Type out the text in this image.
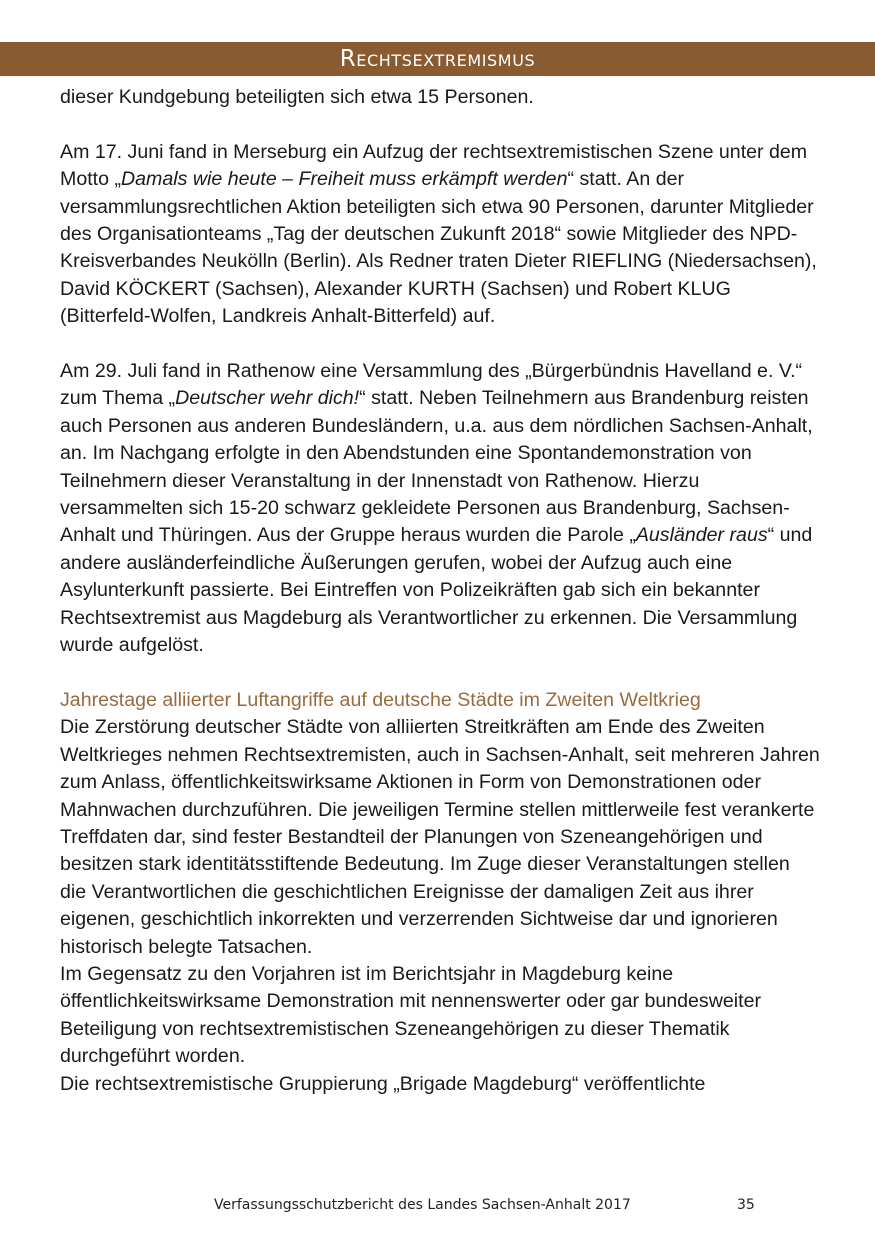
Rechtsextremismus

dieser Kundgebung beteiligten sich etwa 15 Personen.

Am 17. Juni fand in Merseburg ein Aufzug der rechtsextremistischen Szene unter dem Motto „Damals wie heute – Freiheit muss erkämpft werden“ statt. An der versammlungsrechtlichen Aktion beteiligten sich etwa 90 Personen, darunter Mitglieder des Organisationteams „Tag der deutschen Zukunft 2018“ sowie Mitglieder des NPD-Kreisverbandes Neukölln (Berlin). Als Redner traten Dieter RIEFLING (Niedersachsen), David KÖCKERT (Sachsen), Alexander KURTH (Sachsen) und Robert KLUG (Bitterfeld-Wolfen, Landkreis Anhalt-Bitterfeld) auf.

Am 29. Juli fand in Rathenow eine Versammlung des „Bürgerbündnis Havelland e. V.“ zum Thema „Deutscher wehr dich!“ statt. Neben Teilnehmern aus Brandenburg reisten auch Personen aus anderen Bundesländern, u.a. aus dem nördlichen Sachsen-Anhalt, an. Im Nachgang erfolgte in den Abendstunden eine Spontandemonstration von Teilnehmern dieser Veranstaltung in der Innenstadt von Rathenow. Hierzu versammelten sich 15-20 schwarz gekleidete Personen aus Brandenburg, Sachsen-Anhalt und Thüringen. Aus der Gruppe heraus wurden die Parole „Ausländer raus“ und andere ausländerfeindliche Äußerungen gerufen, wobei der Aufzug auch eine Asylunterkunft passierte. Bei Eintreffen von Polizeikräften gab sich ein bekannter Rechtsextremist aus Magdeburg als Verantwortlicher zu erkennen. Die Versammlung wurde aufgelöst.

Jahrestage alliierter Luftangriffe auf deutsche Städte im Zweiten Weltkrieg

Die Zerstörung deutscher Städte von alliierten Streitkräften am Ende des Zweiten Weltkrieges nehmen Rechtsextremisten, auch in Sachsen-Anhalt, seit mehreren Jahren zum Anlass, öffentlichkeitswirksame Aktionen in Form von Demonstrationen oder Mahnwachen durchzuführen. Die jeweiligen Termine stellen mittlerweile fest verankerte Treffdaten dar, sind fester Bestandteil der Planungen von Szeneangehörigen und besitzen stark identitätsstiftende Bedeutung. Im Zuge dieser Veranstaltungen stellen die Verantwortlichen die geschichtlichen Ereignisse der damaligen Zeit aus ihrer eigenen, geschichtlich inkorrekten und verzerrenden Sichtweise dar und ignorieren historisch belegte Tatsachen.

Im Gegensatz zu den Vorjahren ist im Berichtsjahr in Magdeburg keine öffentlichkeitswirksame Demonstration mit nennenswerter oder gar bundesweiter Beteiligung von rechtsextremistischen Szeneangehörigen zu dieser Thematik durchgeführt worden.

Die rechtsextremistische Gruppierung „Brigade Magdeburg“ veröffentlichte

Verfassungsschutzbericht des Landes Sachsen-Anhalt 2017	35
